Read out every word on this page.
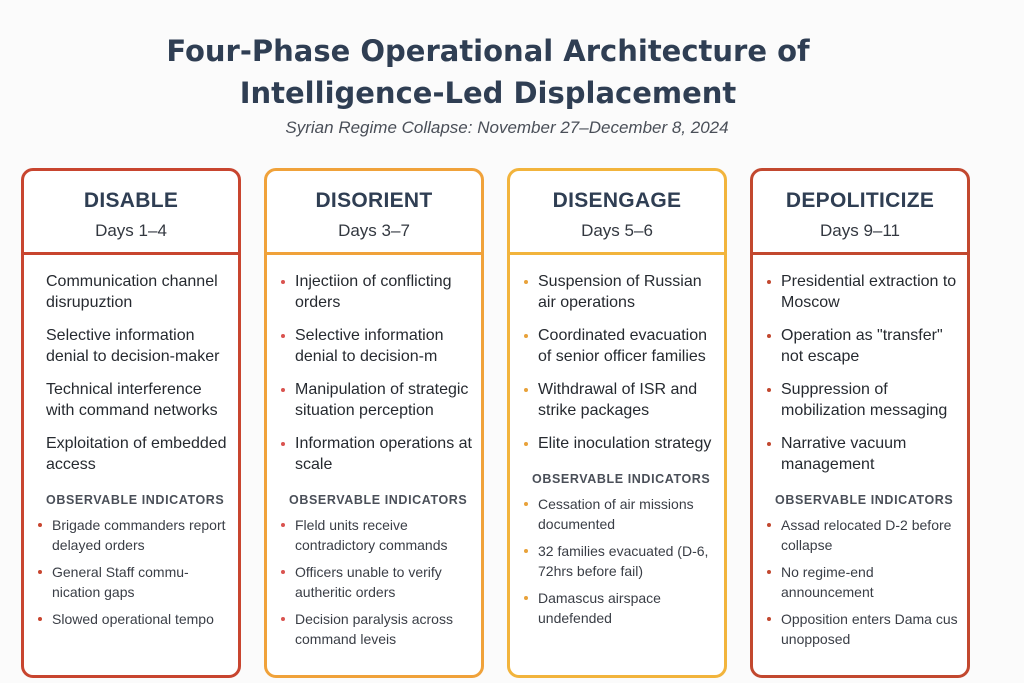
Four-Phase Operational Architecture of
Intelligence-Led Displacement
Syrian Regime Collapse: November 27–December 8, 2024
DISABLE
Days 1–4
Communication channel disrupuztion
Selective information denial to decision-maker
Technical interference with command networks
Exploitation of embedded access
OBSERVABLE INDICATORS
Brigade commanders report delayed orders
General Staff commu-nication gaps
Slowed operational tempo
DISORIENT
Days 3–7
Injectiion of conflicting orders
Selective information denial to decision-m
Manipulation of strategic situation perception
Information operations at scale
OBSERVABLE INDICATORS
Fleld units receive contradictory commands
Officers unable to verify autheritic orders
Decision paralysis across command leveis
DISENGAGE
Days 5–6
Suspension of Russian air operations
Coordinated evacuation of senior officer families
Withdrawal of ISR and strike packages
Elite inoculation strategy
OBSERVABLE INDICATORS
Cessation of air missions documented
32 families evacuated (D-6, 72hrs before fail)
Damascus airspace undefended
DEPOLITICIZE
Days 9–11
Presidential extraction to Moscow
Operation as "transfer" not escape
Suppression of mobilization messaging
Narrative vacuum management
OBSERVABLE INDICATORS
Assad relocated D-2 before collapse
No regime-end announcement
Opposition enters Dama cus unopposed
